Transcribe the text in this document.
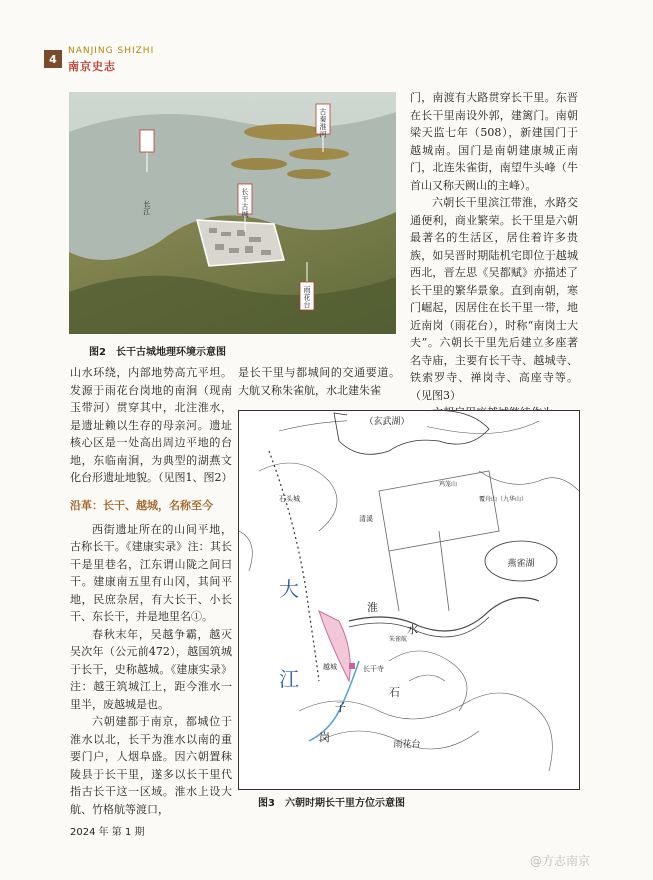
4
NANJING SHIZHI
南京史志
长江
古秦淮河
长干古城
雨花台
图2　长干古城地理环境示意图

山水环绕，内部地势高亢平坦。发源于雨花台岗地的南涧（现南玉带河）贯穿其中，北注淮水，是遗址赖以生存的母亲河。遗址核心区是一处高出周边平地的台地，东临南涧，为典型的湖燕文化台形遗址地貌。（见图1、图2）

沿革：长干、越城，名称至今

西街遗址所在的山间平地，古称长干。《建康实录》注：其长干是里巷名，江东谓山陇之间曰干。建康南五里有山冈，其间平地，民庶杂居，有大长干、小长干、东长干，并是地里名①。

春秋末年，吴越争霸，越灭吴次年（公元前472），越国筑城于长干，史称越城。《建康实录》注：越王筑城江上，距今淮水一里半，废越城是也。

六朝建都于南京，都城位于淮水以北，长干为淮水以南的重要门户，人烟阜盛。因六朝置秣陵县于长干里，遂多以长干里代指古长干这一区域。淮水上设大航、竹格航等渡口，

是长干里与都城间的交通要道。大航又称朱雀航，水北建朱雀

门，南渡有大路贯穿长干里。东晋在长干里南设外郭，建篱门。南朝梁天监七年（508），新建国门于越城南。国门是南朝建康城正南门，北连朱雀街，南望牛头峰（牛首山又称天阙山的主峰）。

六朝长干里滨江带淮，水路交通便利，商业繁荣。长干里是六朝最著名的生活区，居住着许多贵族，如吴晋时期陆机宅即位于越城西北，晋左思《吴都赋》亦描述了长干里的繁华景象。直到南朝，寒门崛起，因居住在长干里一带，地近南岗（雨花台），时称“南岗士大夫”。六朝长干里先后建立多座著名寺庙，主要有长干寺、越城寺、铁索罗寺、禅岗寺、高座寺等。（见图3）

（玄武湖）
燕雀湖
大
江
淮
水
子
岗
石
雨花台
越城	长干寺
石头城
清溪
鸡笼山
覆舟山（九华山）
朱雀航
图3　六朝时期长干里方位示意图
2024 年 第 1 期
@方志南京
